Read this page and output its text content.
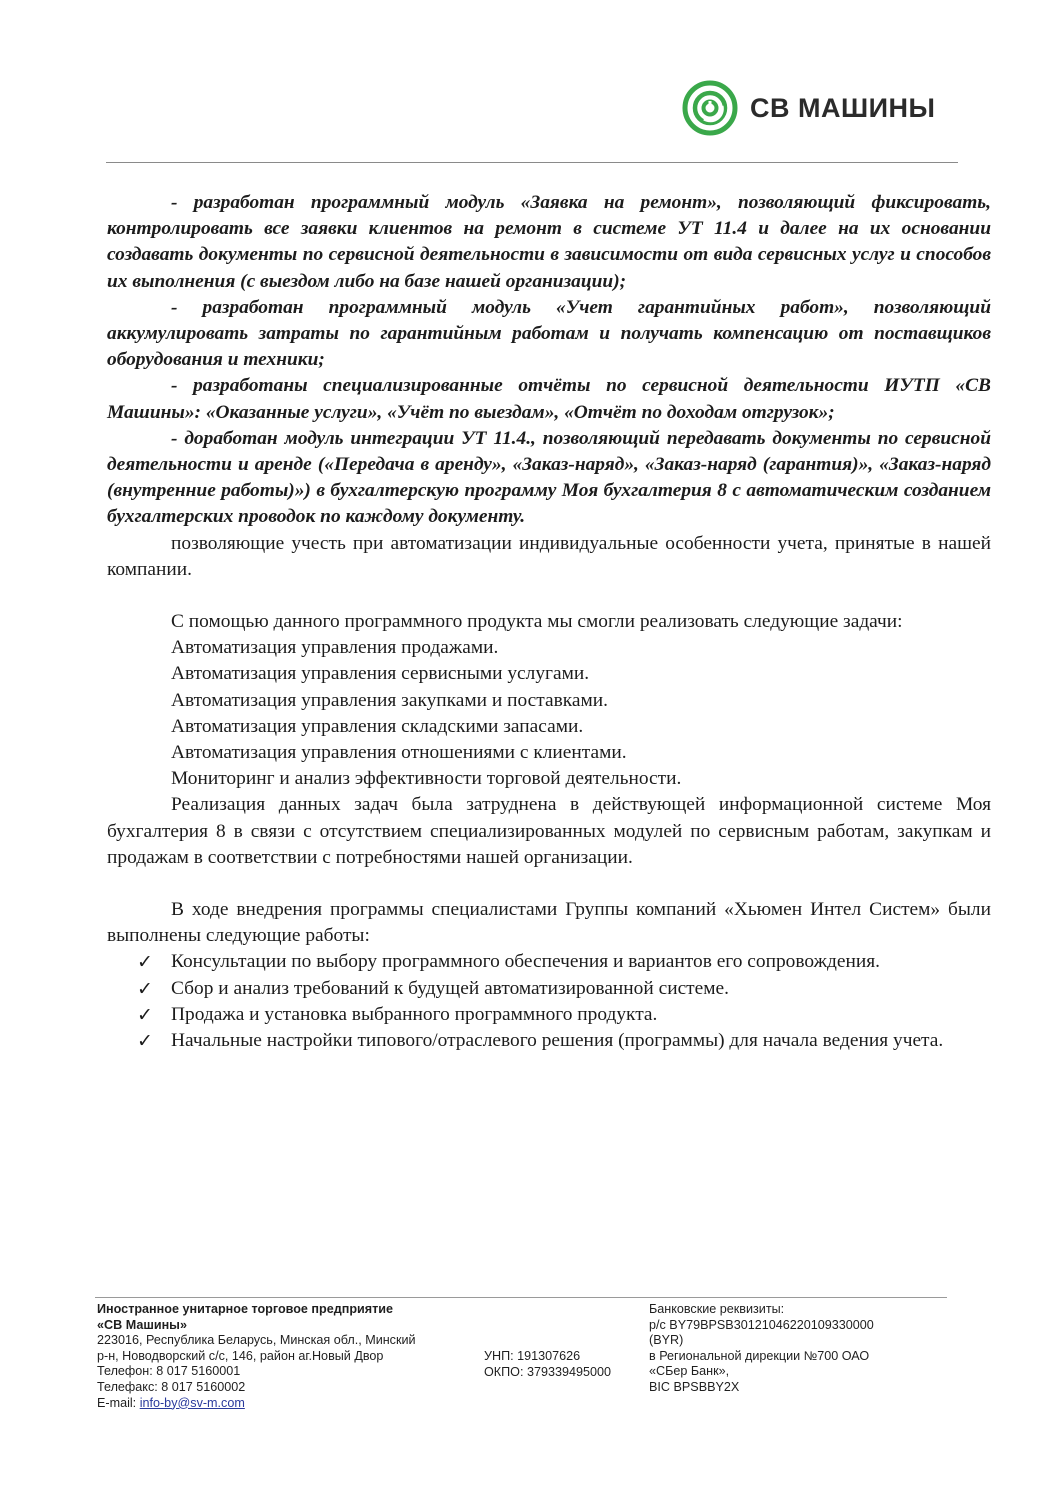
СВ МАШИНЫ

- разработан программный модуль «Заявка на ремонт», позволяющий фиксировать, контролировать все заявки клиентов на ремонт в системе УТ 11.4 и далее на их основании создавать документы по сервисной деятельности в зависимости от вида сервисных услуг и способов их выполнения (с выездом либо на базе нашей организации);

- разработан программный модуль «Учет гарантийных работ», позволяющий аккумулировать затраты по гарантийным работам и получать компенсацию от поставщиков оборудования и техники;

- разработаны специализированные отчёты по сервисной деятельности ИУТП «СВ Машины»: «Оказанные услуги», «Учёт по выездам», «Отчёт по доходам отгрузок»;

- доработан модуль интеграции УТ 11.4., позволяющий передавать документы по сервисной деятельности и аренде («Передача в аренду», «Заказ-наряд», «Заказ-наряд (гарантия)», «Заказ-наряд (внутренние работы)») в бухгалтерскую программу Моя бухгалтерия 8 с автоматическим созданием бухгалтерских проводок по каждому документу.

позволяющие учесть при автоматизации индивидуальные особенности учета, принятые в нашей компании.

С помощью данного программного продукта мы смогли реализовать следующие задачи:

Автоматизация управления продажами.

Автоматизация управления сервисными услугами.

Автоматизация управления закупками и поставками.

Автоматизация управления складскими запасами.

Автоматизация управления отношениями с клиентами.

Мониторинг и анализ эффективности торговой деятельности.

Реализация данных задач была затруднена в действующей информационной системе Моя бухгалтерия 8 в связи с отсутствием специализированных модулей по сервисным работам, закупкам и продажам в соответствии с потребностями нашей организации.

В ходе внедрения программы специалистами Группы компаний «Хьюмен Интел Систем» были выполнены следующие работы:

✓ Консультации по выбору программного обеспечения и вариантов его сопровождения.
✓ Сбор и анализ требований к будущей автоматизированной системе.
✓ Продажа и установка выбранного программного продукта.
✓ Начальные настройки типового/отраслевого решения (программы) для начала ведения учета.
Иностранное унитарное торговое предприятие
«СВ Машины»
223016, Республика Беларусь, Минская обл., Минский
р-н, Новодворский с/с, 146, район аг.Новый Двор
Телефон: 8 017 5160001
Телефакс: 8 017 5160002
E-mail: info-by@sv-m.com
УНП: 191307626
ОКПО: 379339495000
Банковские реквизиты:
р/с BY79BPSB30121046220109330000
(BYR)
в Региональной дирекции №700 ОАО
«СБер Банк»,
BIC BPSBBY2X
